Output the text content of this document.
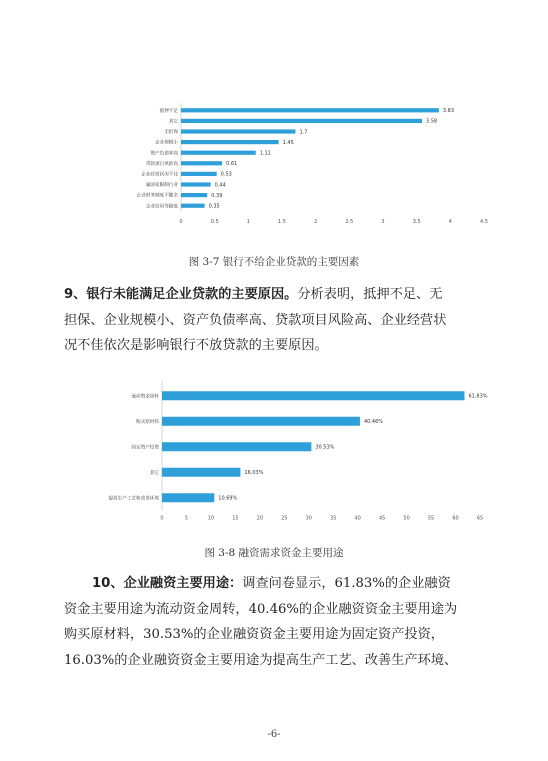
抵押不足	3.83
其它	3.58
无担保	1.7
企业规模小	1.45
资产负债率高	1.11
贷款项目风险高	0.61
企业经营状况不佳	0.53
属国家限制行业	0.44
企业财务制度不健全	0.39
企业信用等级低	0.35
0	0.5	1	1.5	2	2.5	3	3.5	4	4.5
图 3-7 银行不给企业贷款的主要因素
9、银行未能满足企业贷款的主要原因。分析表明，抵押不足、无
担保、企业规模小、资产负债率高、贷款项目风险高、企业经营状
况不佳依次是影响银行不放贷款的主要原因。
流动资金周转	61.83%
购买原材料	40.46%
固定资产投资	30.53%
其它	16.03%
提高生产工艺和改善环境	10.69%
0	5	10	15	20	25	30	35	40	45	50	55	60	65
图 3-8 融资需求资金主要用途
10、企业融资主要用途：调查问卷显示，61.83%的企业融资
资金主要用途为流动资金周转，40.46%的企业融资资金主要用途为
购买原材料，30.53%的企业融资资金主要用途为固定资产投资，
16.03%的企业融资资金主要用途为提高生产工艺、改善生产环境、
-6-
